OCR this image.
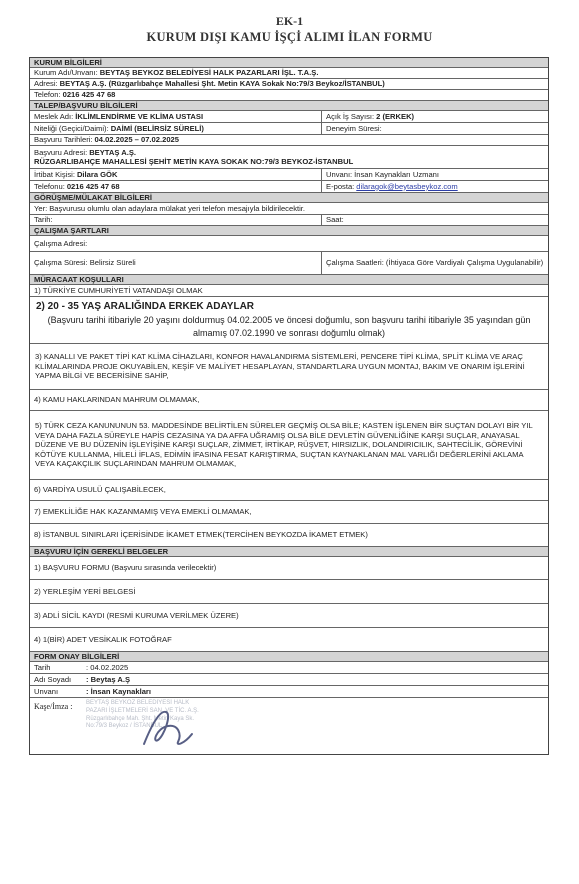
EK-1
KURUM DIŞI KAMU İŞÇİ ALIMI İLAN FORMU
KURUM BİLGİLERİ
Kurum Adı/Unvanı: BEYTAŞ BEYKOZ BELEDİYESİ HALK PAZARLARI İŞL. T.A.Ş.
Adresi: BEYTAŞ A.Ş. (Rüzgarlıbahçe Mahallesi Şht. Metin KAYA Sokak No:79/3 Beykoz/İSTANBUL)
Telefon: 0216 425 47 68
TALEP/BAŞVURU BİLGİLERİ
Meslek Adı: İKLİMLENDİRME VE KLİMA USTASI	Açık İş Sayısı: 2 (ERKEK)
Niteliği (Geçici/Daimi): DAİMİ (BELİRSİZ SÜRELİ)	Deneyim Süresi:
Başvuru Tarihleri: 04.02.2025 – 07.02.2025
Başvuru Adresi: BEYTAŞ A.Ş.
RÜZGARLIBAHÇE MAHALLESİ ŞEHİT METİN KAYA SOKAK NO:79/3 BEYKOZ-İSTANBUL
İrtibat Kişisi: Dilara GÖK	Unvanı: İnsan Kaynakları Uzmanı
Telefonu: 0216 425 47 68	E-posta: dilaragok@beytasbeykoz.com
GÖRÜŞME/MÜLAKAT BİLGİLERİ
Yer: Başvurusu olumlu olan adaylara mülakat yeri telefon mesajıyla bildirilecektir.
Tarih:	Saat:
ÇALIŞMA ŞARTLARI
Çalışma Adresi:
Çalışma Süresi: Belirsiz Süreli	Çalışma Saatleri: (İhtiyaca Göre Vardiyalı Çalışma Uygulanabilir)
MÜRACAAT KOŞULLARI
1) TÜRKİYE CUMHURİYETİ VATANDAŞI OLMAK
2) 20 - 35 YAŞ ARALIĞINDA ERKEK ADAYLAR
(Başvuru tarihi itibariyle 20 yaşını doldurmuş 04.02.2005 ve öncesi doğumlu, son başvuru tarihi itibariyle 35 yaşından gün almamış 07.02.1990 ve sonrası doğumlu olmak)
3) KANALLI VE PAKET TİPİ KAT KLİMA CİHAZLARI, KONFOR HAVALANDIRMA SİSTEMLERİ, PENCERE TİPİ KLİMA, SPLİT KLİMA VE ARAÇ KLİMALARINDA PROJE OKUYABİLEN, KEŞİF VE MALİYET HESAPLAYAN, STANDARTLARA UYGUN MONTAJ, BAKIM VE ONARIM İŞLERİNİ YAPMA BİLGİ VE BECERİSİNE SAHİP,
4) KAMU HAKLARINDAN MAHRUM OLMAMAK,
5) TÜRK CEZA KANUNUNUN 53. MADDESİNDE BELİRTİLEN SÜRELER GEÇMİŞ OLSA BİLE; KASTEN İŞLENEN BİR SUÇTAN DOLAYI BİR YIL VEYA DAHA FAZLA SÜREYLE HAPİS CEZASINA YA DA AFFA UĞRAMIŞ OLSA BİLE DEVLETİN GÜVENLİĞİNE KARŞI SUÇLAR, ANAYASAL DÜZENE VE BU DÜZENİN İŞLEYİŞİNE KARŞI SUÇLAR, ZİMMET, İRTİKAP, RÜŞVET, HIRSIZLIK, DOLANDIRICILIK, SAHTECİLİK, GÖREVİNİ KÖTÜYE KULLANMA, HİLELİ İFLAS, EDİMİN İFASINA FESAT KARIŞTIRMA, SUÇTAN KAYNAKLANAN MAL VARLIĞI DEĞERLERİNİ AKLAMA VEYA KAÇAKÇILIK SUÇLARINDAN MAHRUM OLMAMAK,
6) VARDİYA USULÜ ÇALIŞABİLECEK,
7) EMEKLİLİĞE HAK KAZANMAMIŞ VEYA EMEKLİ OLMAMAK,
8) İSTANBUL SINIRLARI İÇERİSİNDE İKAMET ETMEK(TERCİHEN BEYKOZDA İKAMET ETMEK)
BAŞVURU İÇİN GEREKLİ BELGELER
1) BAŞVURU FORMU (Başvuru sırasında verilecektir)
2) YERLEŞİM YERİ BELGESİ
3) ADLİ SİCİL KAYDI (RESMİ KURUMA VERİLMEK ÜZERE)
4) 1(BİR) ADET VESİKALIK FOTOĞRAF
FORM ONAY BİLGİLERİ
Tarih	: 04.02.2025
Adı Soyadı	: Beytaş A.Ş
Unvanı	: İnsan Kaynakları
Kaşe/İmza : BEYTAŞ BEYKOZ BELEDİYESİ HALK
PAZARI İŞLETMELERİ SAN. VE TİC. A.Ş.
Rüzgarlıbahçe Mah. Şht. Metin Kaya Sk.
No:79/3 Beykoz / İSTANBUL
